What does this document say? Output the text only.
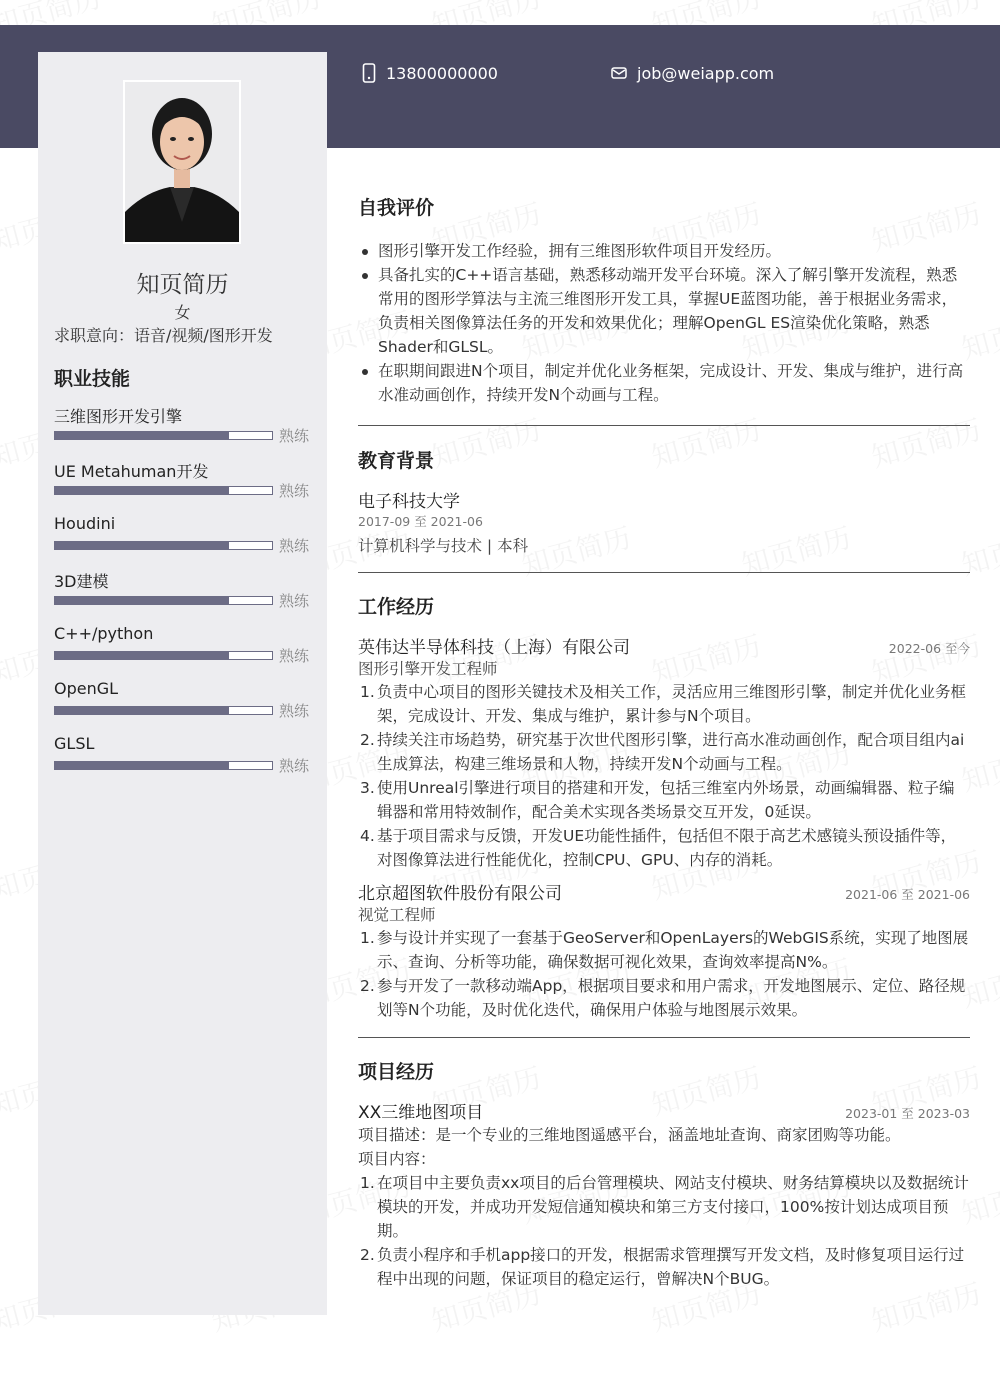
13800000000	job@weiapp.com
知页简历
女
求职意向：语音/视频/图形开发
职业技能
三维图形开发引擎
熟练
UE Metahuman开发
熟练
Houdini
熟练
3D建模
熟练
C++/python
熟练
OpenGL
熟练
GLSL
熟练
自我评价
图形引擎开发工作经验，拥有三维图形软件项目开发经历。
具备扎实的C++语言基础，熟悉移动端开发平台环境。深入了解引擎开发流程，熟悉常用的图形学算法与主流三维图形开发工具，掌握UE蓝图功能，善于根据业务需求，负责相关图像算法任务的开发和效果优化；理解OpenGL ES渲染优化策略，熟悉Shader和GLSL。
在职期间跟进N个项目，制定并优化业务框架，完成设计、开发、集成与维护，进行高水准动画创作，持续开发N个动画与工程。
教育背景
电子科技大学
2017-09 至 2021-06
计算机科学与技术 | 本科
工作经历
英伟达半导体科技（上海）有限公司	2022-06 至今
图形引擎开发工程师
1. 负责中心项目的图形关键技术及相关工作，灵活应用三维图形引擎，制定并优化业务框架，完成设计、开发、集成与维护，累计参与N个项目。
2. 持续关注市场趋势，研究基于次世代图形引擎，进行高水准动画创作，配合项目组内ai生成算法，构建三维场景和人物，持续开发N个动画与工程。
3. 使用Unreal引擎进行项目的搭建和开发，包括三维室内外场景，动画编辑器、粒子编辑器和常用特效制作，配合美术实现各类场景交互开发，0延误。
4. 基于项目需求与反馈，开发UE功能性插件，包括但不限于高艺术感镜头预设插件等，对图像算法进行性能优化，控制CPU、GPU、内存的消耗。
北京超图软件股份有限公司	2021-06 至 2021-06
视觉工程师
1. 参与设计并实现了一套基于GeoServer和OpenLayers的WebGIS系统，实现了地图展示、查询、分析等功能，确保数据可视化效果，查询效率提高N%。
2. 参与开发了一款移动端App，根据项目要求和用户需求，开发地图展示、定位、路径规划等N个功能，及时优化迭代，确保用户体验与地图展示效果。
项目经历
XX三维地图项目	2023-01 至 2023-03
项目描述：是一个专业的三维地图遥感平台，涵盖地址查询、商家团购等功能。
项目内容：
1. 在项目中主要负责xx项目的后台管理模块、网站支付模块、财务结算模块以及数据统计模块的开发，并成功开发短信通知模块和第三方支付接口，100%按计划达成项目预期。
2. 负责小程序和手机app接口的开发，根据需求管理撰写开发文档，及时修复项目运行过程中出现的问题，保证项目的稳定运行，曾解决N个BUG。
